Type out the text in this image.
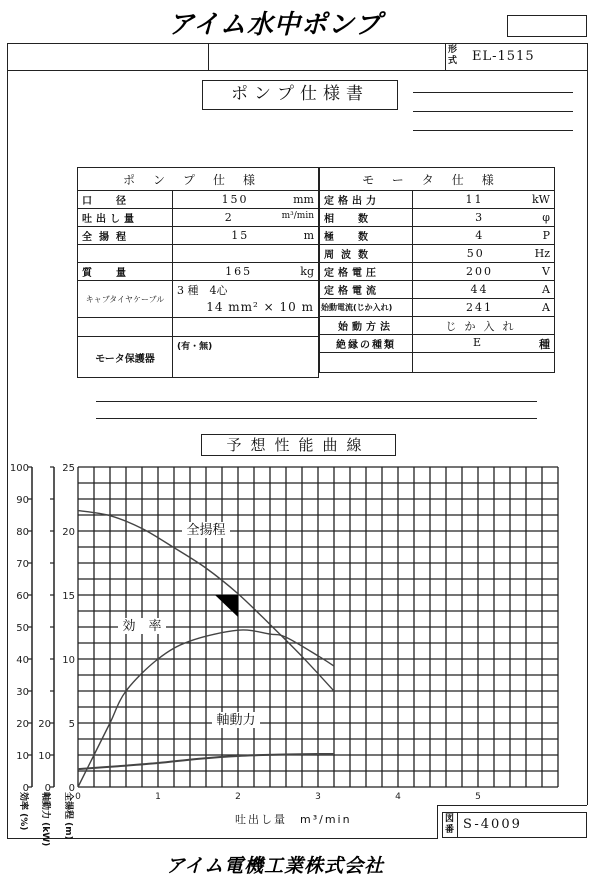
アイム水中ポンプ
形式 EL-1515
ポンプ仕様書
ポンプ仕様	
口　径	150 mm

吐出し量	2 m³/min

全揚程	15 m

質　量	165 kg

キャブタイヤケーブル	3 種　4心
14 mm² × 10 m

モータ保護器	(有・無)
モータ仕様	
定格出力	11 kW

相　数	3 φ

極　数	4 P

周波数	50 Hz

定格電圧	200 V

定格電流	44 A

始動電流(じか入れ)	241 A

始動方法	じか入れ

絶縁の種類	E 種

予想性能曲線
0	1	2	3	4	5
0
10
20
30
40
50
60
70
80
90
100
0
10
20
0
5
10
15
20
25
全揚程
効　率
軸動力
効率 (%)	軸動力 (kW)	全揚程 (m)	吐出し量　m³/min	図番 S-4009
アイム電機工業株式会社
